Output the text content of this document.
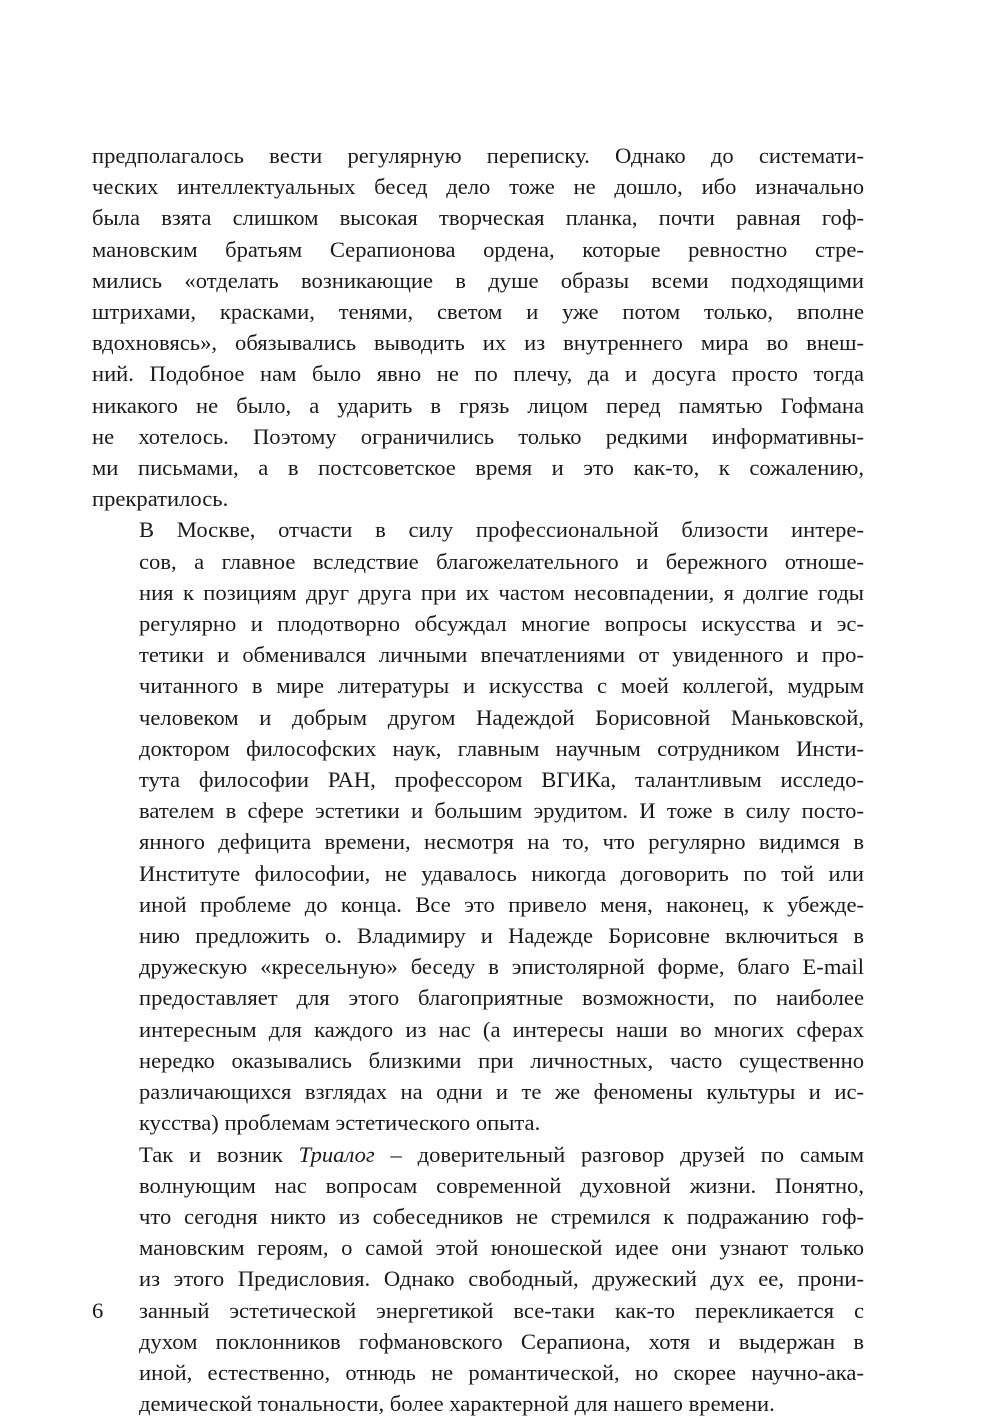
предполагалось вести регулярную переписку. Однако до системати-
ческих интеллектуальных бесед дело тоже не дошло, ибо изначально
была взята слишком высокая творческая планка, почти равная гоф-
мановским братьям Серапионова ордена, которые ревностно стре-
мились «отделать возникающие в душе образы всеми подходящими
штрихами, красками, тенями, светом и уже потом только, вполне
вдохновясь», обязывались выводить их из внутреннего мира во внеш-
ний. Подобное нам было явно не по плечу, да и досуга просто тогда
никакого не было, а ударить в грязь лицом перед памятью Гофмана
не хотелось. Поэтому ограничились только редкими информативны-
ми письмами, а в постсоветское время и это как-то, к сожалению,
прекратилось.

В Москве, отчасти в силу профессиональной близости интере-
сов, а главное вследствие благожелательного и бережного отноше-
ния к позициям друг друга при их частом несовпадении, я долгие годы
регулярно и плодотворно обсуждал многие вопросы искусства и эс-
тетики и обменивался личными впечатлениями от увиденного и про-
читанного в мире литературы и искусства с моей коллегой, мудрым
человеком и добрым другом Надеждой Борисовной Маньковской,
доктором философских наук, главным научным сотрудником Инсти-
тута философии РАН, профессором ВГИКа, талантливым исследо-
вателем в сфере эстетики и большим эрудитом. И тоже в силу посто-
янного дефицита времени, несмотря на то, что регулярно видимся в
Институте философии, не удавалось никогда договорить по той или
иной проблеме до конца. Все это привело меня, наконец, к убежде-
нию предложить о. Владимиру и Надежде Борисовне включиться в
дружескую «кресельную» беседу в эпистолярной форме, благо E-mail
предоставляет для этого благоприятные возможности, по наиболее
интересным для каждого из нас (а интересы наши во многих сферах
нередко оказывались близкими при личностных, часто существенно
различающихся взглядах на одни и те же феномены культуры и ис-
кусства) проблемам эстетического опыта.

Так и возник Триалог – доверительный разговор друзей по самым
волнующим нас вопросам современной духовной жизни. Понятно,
что сегодня никто из собеседников не стремился к подражанию гоф-
мановским героям, о самой этой юношеской идее они узнают только
из этого Предисловия. Однако свободный, дружеский дух ее, прони-
занный эстетической энергетикой все-таки как-то перекликается с
духом поклонников гофмановского Серапиона, хотя и выдержан в
иной, естественно, отнюдь не романтической, но скорее научно-ака-
демической тональности, более характерной для нашего времени.

6
